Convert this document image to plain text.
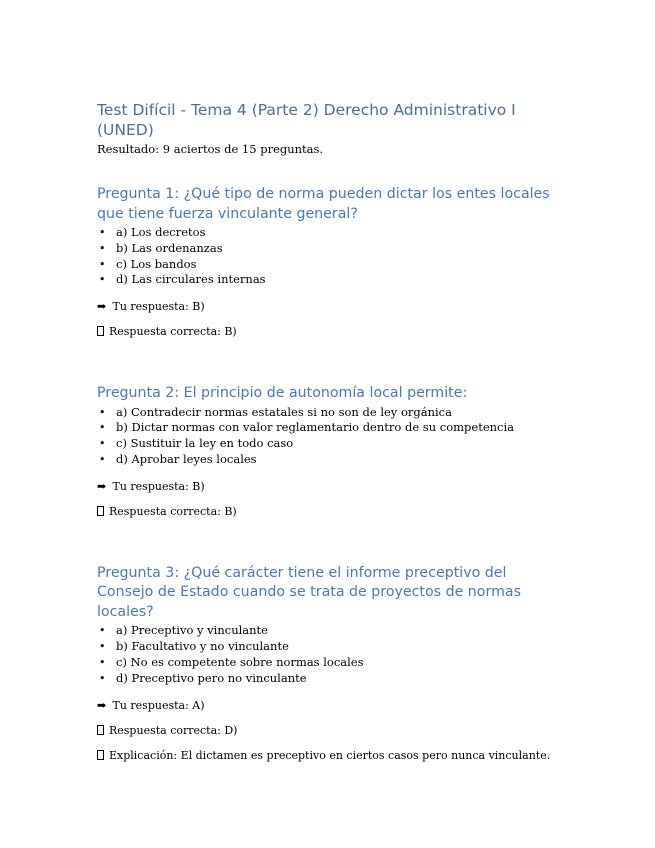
Test Difícil - Tema 4 (Parte 2) Derecho Administrativo I (UNED)

Resultado: 9 aciertos de 15 preguntas.

Pregunta 1: ¿Qué tipo de norma pueden dictar los entes locales que tiene fuerza vinculante general?
• a) Los decretos
• b) Las ordenanzas
• c) Los bandos
• d) Las circulares internas

➡ Tu respuesta: B)

Respuesta correcta: B)

Pregunta 2: El principio de autonomía local permite:
• a) Contradecir normas estatales si no son de ley orgánica
• b) Dictar normas con valor reglamentario dentro de su competencia
• c) Sustituir la ley en todo caso
• d) Aprobar leyes locales

➡ Tu respuesta: B)

Respuesta correcta: B)

Pregunta 3: ¿Qué carácter tiene el informe preceptivo del Consejo de Estado cuando se trata de proyectos de normas locales?
• a) Preceptivo y vinculante
• b) Facultativo y no vinculante
• c) No es competente sobre normas locales
• d) Preceptivo pero no vinculante

➡ Tu respuesta: A)

Respuesta correcta: D)

Explicación: El dictamen es preceptivo en ciertos casos pero nunca vinculante.
